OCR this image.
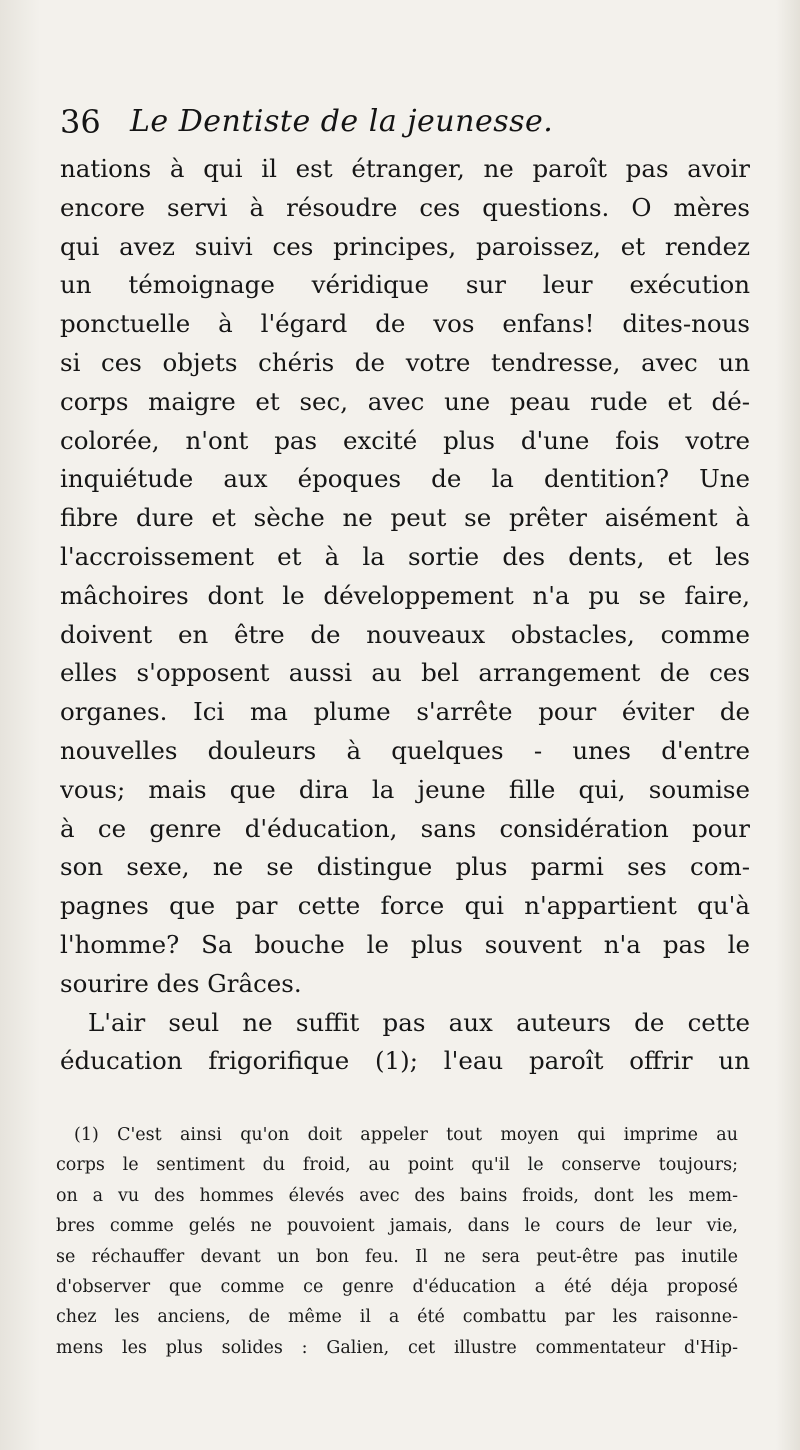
36 Le Dentiste de la jeunesse.
nations à qui il est étranger, ne paroît pas avoir
encore servi à résoudre ces questions. O mères
qui avez suivi ces principes, paroissez, et rendez
un témoignage véridique sur leur exécution
ponctuelle à l'égard de vos enfans! dites-nous
si ces objets chéris de votre tendresse, avec un
corps maigre et sec, avec une peau rude et dé-
colorée, n'ont pas excité plus d'une fois votre
inquiétude aux époques de la dentition? Une
fibre dure et sèche ne peut se prêter aisément à
l'accroissement et à la sortie des dents, et les
mâchoires dont le développement n'a pu se faire,
doivent en être de nouveaux obstacles, comme
elles s'opposent aussi au bel arrangement de ces
organes. Ici ma plume s'arrête pour éviter de
nouvelles douleurs à quelques - unes d'entre
vous; mais que dira la jeune fille qui, soumise
à ce genre d'éducation, sans considération pour
son sexe, ne se distingue plus parmi ses com-
pagnes que par cette force qui n'appartient qu'à
l'homme? Sa bouche le plus souvent n'a pas le
sourire des Grâces.
L'air seul ne suffit pas aux auteurs de cette
éducation frigorifique (1); l'eau paroît offrir un
(1) C'est ainsi qu'on doit appeler tout moyen qui imprime au
corps le sentiment du froid, au point qu'il le conserve toujours;
on a vu des hommes élevés avec des bains froids, dont les mem-
bres comme gelés ne pouvoient jamais, dans le cours de leur vie,
se réchauffer devant un bon feu. Il ne sera peut-être pas inutile
d'observer que comme ce genre d'éducation a été déja proposé
chez les anciens, de même il a été combattu par les raisonne-
mens les plus solides : Galien, cet illustre commentateur d'Hip-
